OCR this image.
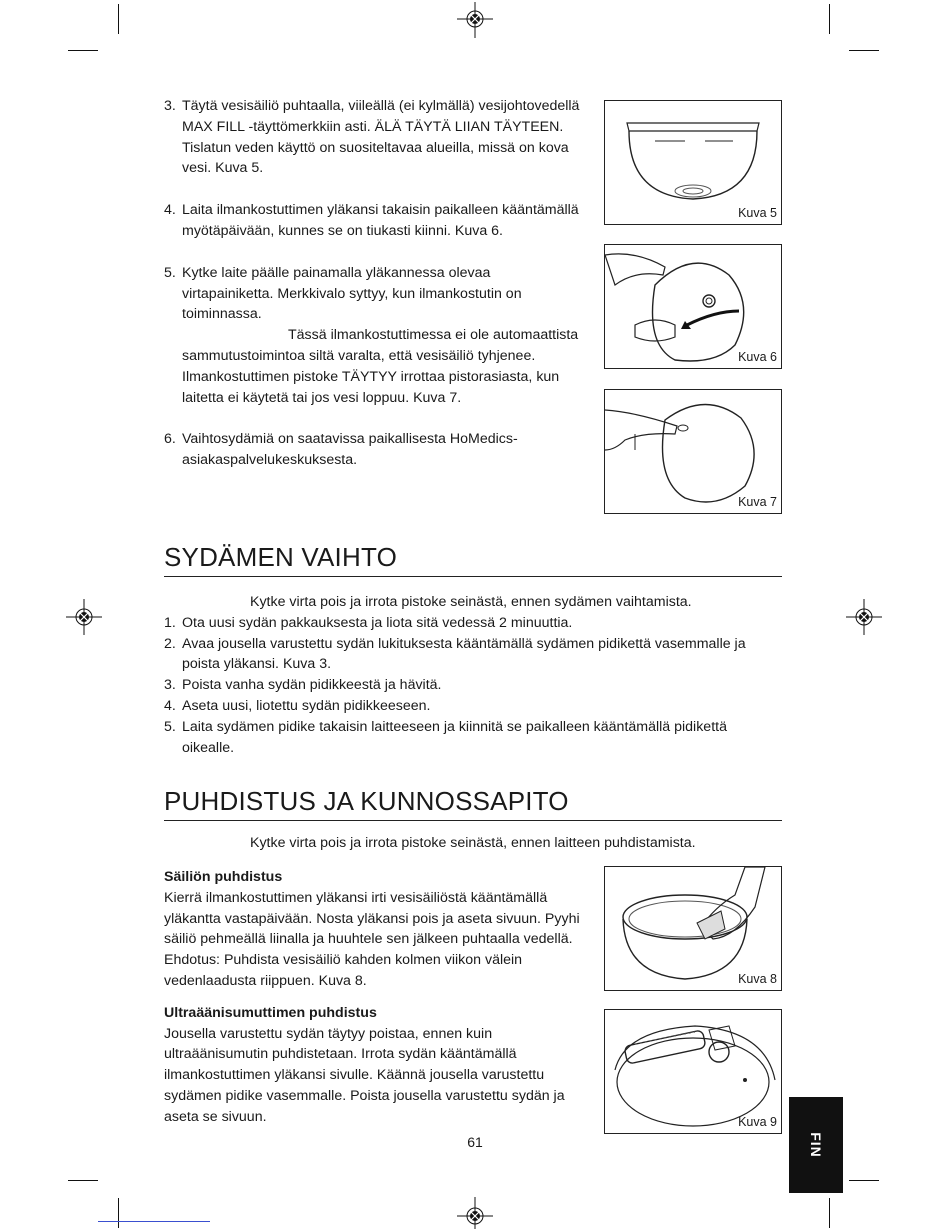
3. Täytä vesisäiliö puhtaalla, viileällä (ei kylmällä) vesijohtovedellä MAX FILL -täyttömerkkiin asti. ÄLÄ TÄYTÄ LIIAN TÄYTEEN. Tislatun veden käyttö on suositeltavaa alueilla, missä on kova vesi. Kuva 5.
4. Laita ilmankostuttimen yläkansi takaisin paikalleen kääntämällä myötäpäivään, kunnes se on tiukasti kiinni. Kuva 6.
5. Kytke laite päälle painamalla yläkannessa olevaa virtapainiketta. Merkkivalo syttyy, kun ilmankostutin on toiminnassa.
Tässä ilmankostuttimessa ei ole automaattista sammutustoimintoa siltä varalta, että vesisäiliö tyhjenee. Ilmankostuttimen pistoke TÄYTYY irrottaa pistorasiasta, kun laitetta ei käytetä tai jos vesi loppuu. Kuva 7.
6. Vaihtosydämiä on saatavissa paikallisesta HoMedics-asiakaspalvelukeskuksesta.
SYDÄMEN VAIHTO

Kytke virta pois ja irrota pistoke seinästä, ennen sydämen vaihtamista.

1. Ota uusi sydän pakkauksesta ja liota sitä vedessä 2 minuuttia.
2. Avaa jousella varustettu sydän lukituksesta kääntämällä sydämen pidikettä vasemmalle ja poista yläkansi. Kuva 3.
3. Poista vanha sydän pidikkeestä ja hävitä.
4. Aseta uusi, liotettu sydän pidikkeeseen.
5. Laita sydämen pidike takaisin laitteeseen ja kiinnitä se paikalleen kääntämällä pidikettä oikealle.
PUHDISTUS JA KUNNOSSAPITO

Kytke virta pois ja irrota pistoke seinästä, ennen laitteen puhdistamista.

Säiliön puhdistus

Kierrä ilmankostuttimen yläkansi irti vesisäiliöstä kääntämällä yläkantta vastapäivään. Nosta yläkansi pois ja aseta sivuun. Pyyhi säiliö pehmeällä liinalla ja huuhtele sen jälkeen puhtaalla vedellä. Ehdotus: Puhdista vesisäiliö kahden kolmen viikon välein vedenlaadusta riippuen. Kuva 8.

Ultraäänisumuttimen puhdistus

Jousella varustettu sydän täytyy poistaa, ennen kuin ultraäänisumutin puhdistetaan. Irrota sydän kääntämällä ilmankostuttimen yläkansi sivulle. Käännä jousella varustettu sydämen pidike vasemmalle. Poista jousella varustettu sydän ja aseta se sivuun.

Kuva 5
Kuva 6
Kuva 7
Kuva 8
Kuva 9
FIN
61
